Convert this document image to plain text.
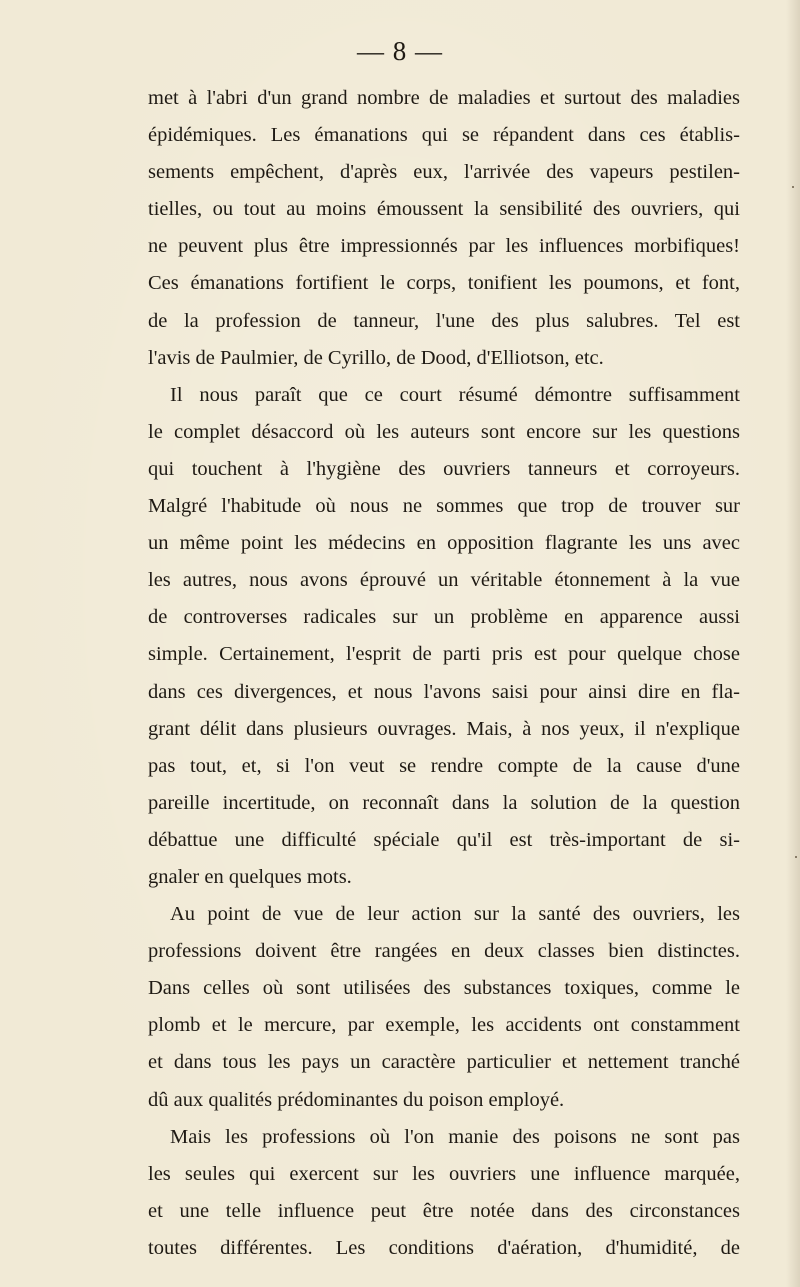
— 8 —
met à l'abri d'un grand nombre de maladies et surtout des maladies
épidémiques. Les émanations qui se répandent dans ces établis-
sements empêchent, d'après eux, l'arrivée des vapeurs pestilen-
tielles, ou tout au moins émoussent la sensibilité des ouvriers, qui
ne peuvent plus être impressionnés par les influences morbifiques!
Ces émanations fortifient le corps, tonifient les poumons, et font,
de la profession de tanneur, l'une des plus salubres. Tel est
l'avis de Paulmier, de Cyrillo, de Dood, d'Elliotson, etc.
Il nous paraît que ce court résumé démontre suffisamment
le complet désaccord où les auteurs sont encore sur les questions
qui touchent à l'hygiène des ouvriers tanneurs et corroyeurs.
Malgré l'habitude où nous ne sommes que trop de trouver sur
un même point les médecins en opposition flagrante les uns avec
les autres, nous avons éprouvé un véritable étonnement à la vue
de controverses radicales sur un problème en apparence aussi
simple. Certainement, l'esprit de parti pris est pour quelque chose
dans ces divergences, et nous l'avons saisi pour ainsi dire en fla-
grant délit dans plusieurs ouvrages. Mais, à nos yeux, il n'explique
pas tout, et, si l'on veut se rendre compte de la cause d'une
pareille incertitude, on reconnaît dans la solution de la question
débattue une difficulté spéciale qu'il est très-important de si-
gnaler en quelques mots.
Au point de vue de leur action sur la santé des ouvriers, les
professions doivent être rangées en deux classes bien distinctes.
Dans celles où sont utilisées des substances toxiques, comme le
plomb et le mercure, par exemple, les accidents ont constamment
et dans tous les pays un caractère particulier et nettement tranché
dû aux qualités prédominantes du poison employé.
Mais les professions où l'on manie des poisons ne sont pas
les seules qui exercent sur les ouvriers une influence marquée,
et une telle influence peut être notée dans des circonstances
toutes différentes. Les conditions d'aération, d'humidité, de
